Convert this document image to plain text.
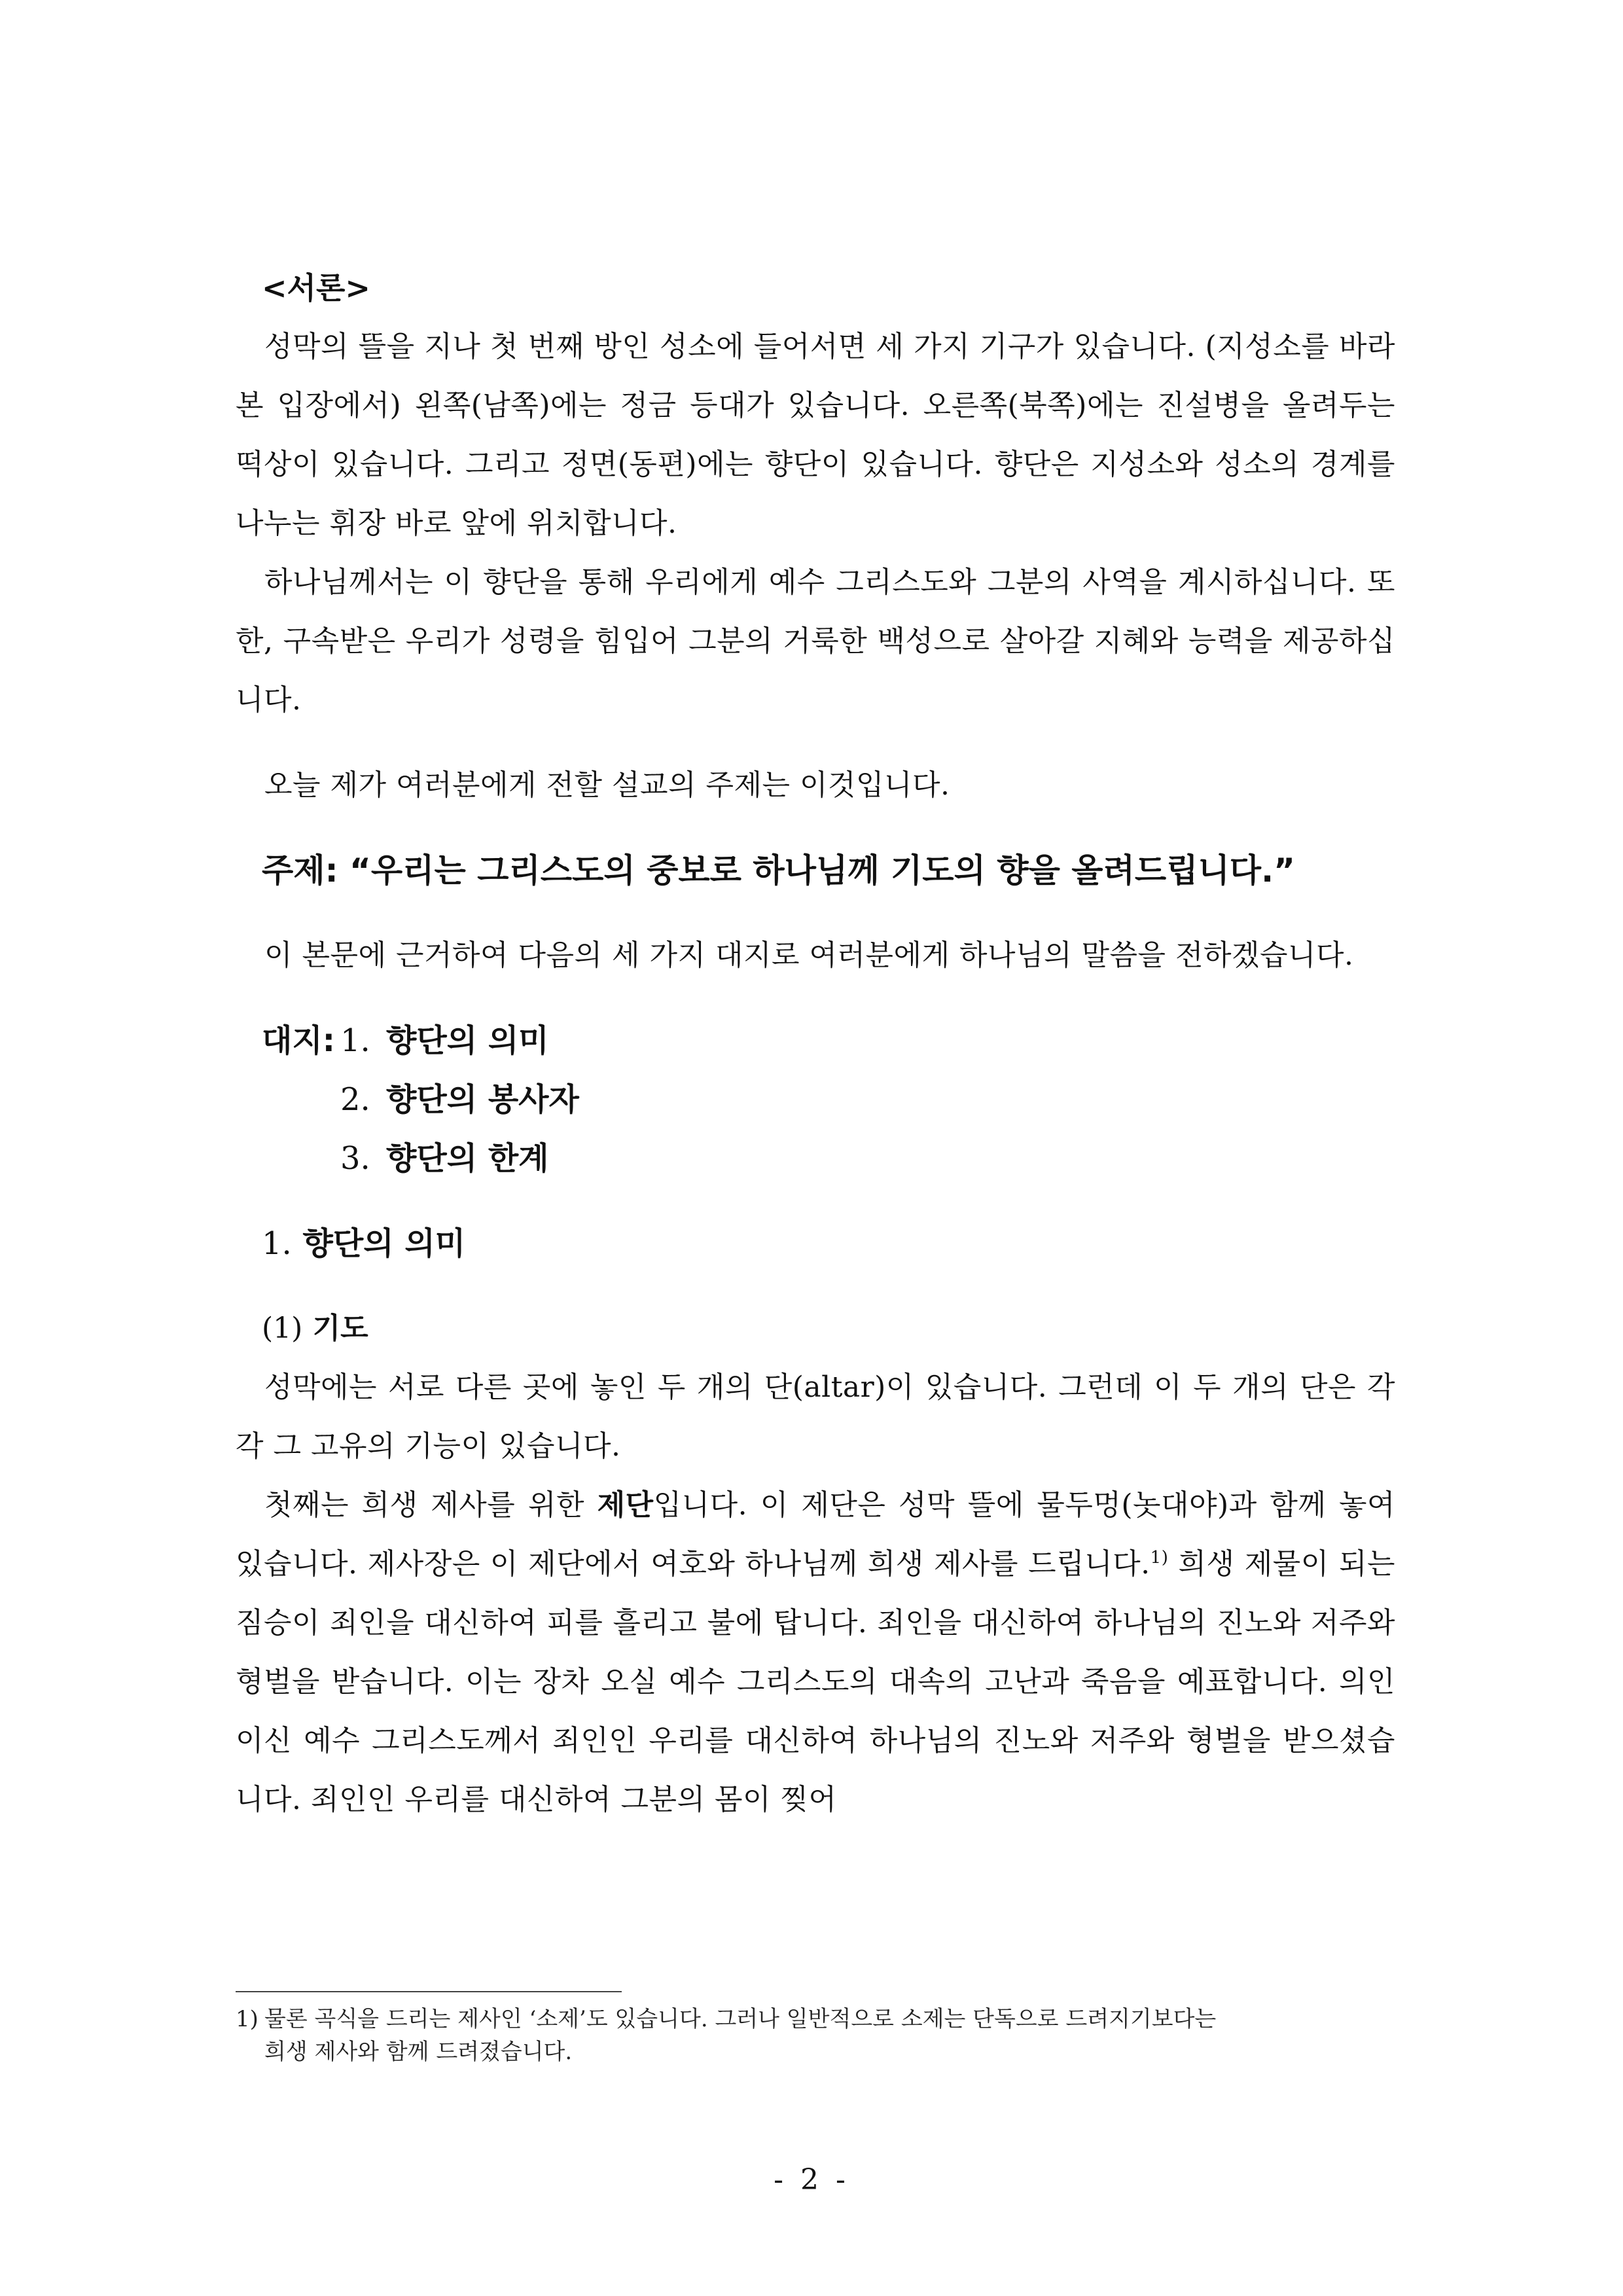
<서론>

성막의 뜰을 지나 첫 번째 방인 성소에 들어서면 세 가지 기구가 있습니다. (지성소를 바라본 입장에서) 왼쪽(남쪽)에는 정금 등대가 있습니다. 오른쪽(북쪽)에는 진설병을 올려두는 떡상이 있습니다. 그리고 정면(동편)에는 향단이 있습니다. 향단은 지성소와 성소의 경계를 나누는 휘장 바로 앞에 위치합니다.

하나님께서는 이 향단을 통해 우리에게 예수 그리스도와 그분의 사역을 계시하십니다. 또한, 구속받은 우리가 성령을 힘입어 그분의 거룩한 백성으로 살아갈 지혜와 능력을 제공하십니다.

오늘 제가 여러분에게 전할 설교의 주제는 이것입니다.

주제: “우리는 그리스도의 중보로 하나님께 기도의 향을 올려드립니다.”

이 본문에 근거하여 다음의 세 가지 대지로 여러분에게 하나님의 말씀을 전하겠습니다.

대지: 1. 향단의 의미
2. 향단의 봉사자
3. 향단의 한계

1. 향단의 의미

(1) 기도

성막에는 서로 다른 곳에 놓인 두 개의 단(altar)이 있습니다. 그런데 이 두 개의 단은 각각 그 고유의 기능이 있습니다.

첫째는 희생 제사를 위한 제단입니다. 이 제단은 성막 뜰에 물두멍(놋대야)과 함께 놓여 있습니다. 제사장은 이 제단에서 여호와 하나님께 희생 제사를 드립니다.$^{1)}$ 희생 제물이 되는 짐승이 죄인을 대신하여 피를 흘리고 불에 탑니다. 죄인을 대신하여 하나님의 진노와 저주와 형벌을 받습니다. 이는 장차 오실 예수 그리스도의 대속의 고난과 죽음을 예표합니다. 의인이신 예수 그리스도께서 죄인인 우리를 대신하여 하나님의 진노와 저주와 형벌을 받으셨습니다. 죄인인 우리를 대신하여 그분의 몸이 찢어

1) 물론 곡식을 드리는 제사인 ‘소제’도 있습니다. 그러나 일반적으로 소제는 단독으로 드려지기보다는
희생 제사와 함께 드려졌습니다.
- 2 -
